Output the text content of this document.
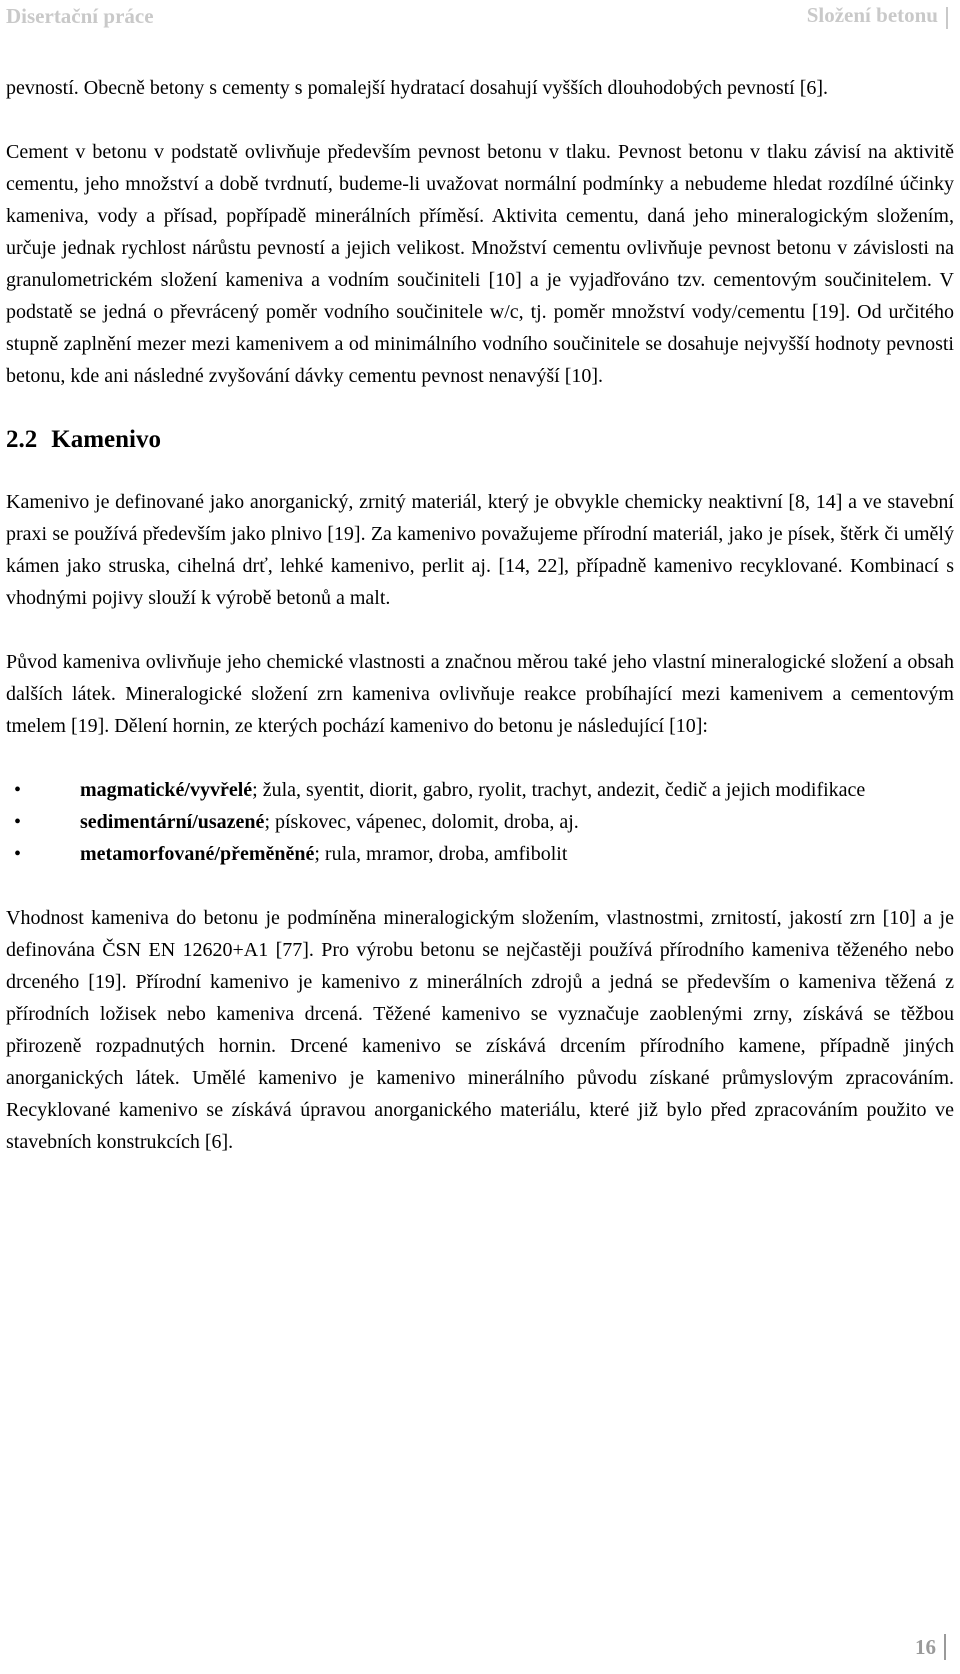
Disertační práce	Složení betonu

pevností. Obecně betony s cementy s pomalejší hydratací dosahují vyšších dlouhodobých pevností [6].

Cement v betonu v podstatě ovlivňuje především pevnost betonu v tlaku. Pevnost betonu v tlaku závisí na aktivitě cementu, jeho množství a době tvrdnutí, budeme-li uvažovat normální podmínky a nebudeme hledat rozdílné účinky kameniva, vody a přísad, popřípadě minerálních příměsí. Aktivita cementu, daná jeho mineralogickým složením, určuje jednak rychlost nárůstu pevností a jejich velikost. Množství cementu ovlivňuje pevnost betonu v závislosti na granulometrickém složení kameniva a vodním součiniteli [10] a je vyjadřováno tzv. cementovým součinitelem. V podstatě se jedná o převrácený poměr vodního součinitele w/c, tj. poměr množství vody/cementu [19]. Od určitého stupně zaplnění mezer mezi kamenivem a od minimálního vodního součinitele se dosahuje nejvyšší hodnoty pevnosti betonu, kde ani následné zvyšování dávky cementu pevnost nenavýší [10].

2.2 Kamenivo

Kamenivo je definované jako anorganický, zrnitý materiál, který je obvykle chemicky neaktivní [8, 14] a ve stavební praxi se používá především jako plnivo [19]. Za kamenivo považujeme přírodní materiál, jako je písek, štěrk či umělý kámen jako struska, cihelná drť, lehké kamenivo, perlit aj. [14, 22], případně kamenivo recyklované. Kombinací s vhodnými pojivy slouží k výrobě betonů a malt.

Původ kameniva ovlivňuje jeho chemické vlastnosti a značnou měrou také jeho vlastní mineralogické složení a obsah dalších látek. Mineralogické složení zrn kameniva ovlivňuje reakce probíhající mezi kamenivem a cementovým tmelem [19]. Dělení hornin, ze kterých pochází kamenivo do betonu je následující [10]:

•	magmatické/vyvřelé; žula, syentit, diorit, gabro, ryolit, trachyt, andezit, čedič a jejich modifikace
•	sedimentární/usazené; pískovec, vápenec, dolomit, droba, aj.
•	metamorfované/přeměněné; rula, mramor, droba, amfibolit

Vhodnost kameniva do betonu je podmíněna mineralogickým složením, vlastnostmi, zrnitostí, jakostí zrn [10] a je definována ČSN EN 12620+A1 [77]. Pro výrobu betonu se nejčastěji používá přírodního kameniva těženého nebo drceného [19]. Přírodní kamenivo je kamenivo z minerálních zdrojů a jedná se především o kameniva těžená z přírodních ložisek nebo kameniva drcená. Těžené kamenivo se vyznačuje zaoblenými zrny, získává se těžbou přirozeně rozpadnutých hornin. Drcené kamenivo se získává drcením přírodního kamene, případně jiných anorganických látek. Umělé kamenivo je kamenivo minerálního původu získané průmyslovým zpracováním. Recyklované kamenivo se získává úpravou anorganického materiálu, které již bylo před zpracováním použito ve stavebních konstrukcích [6].

16
